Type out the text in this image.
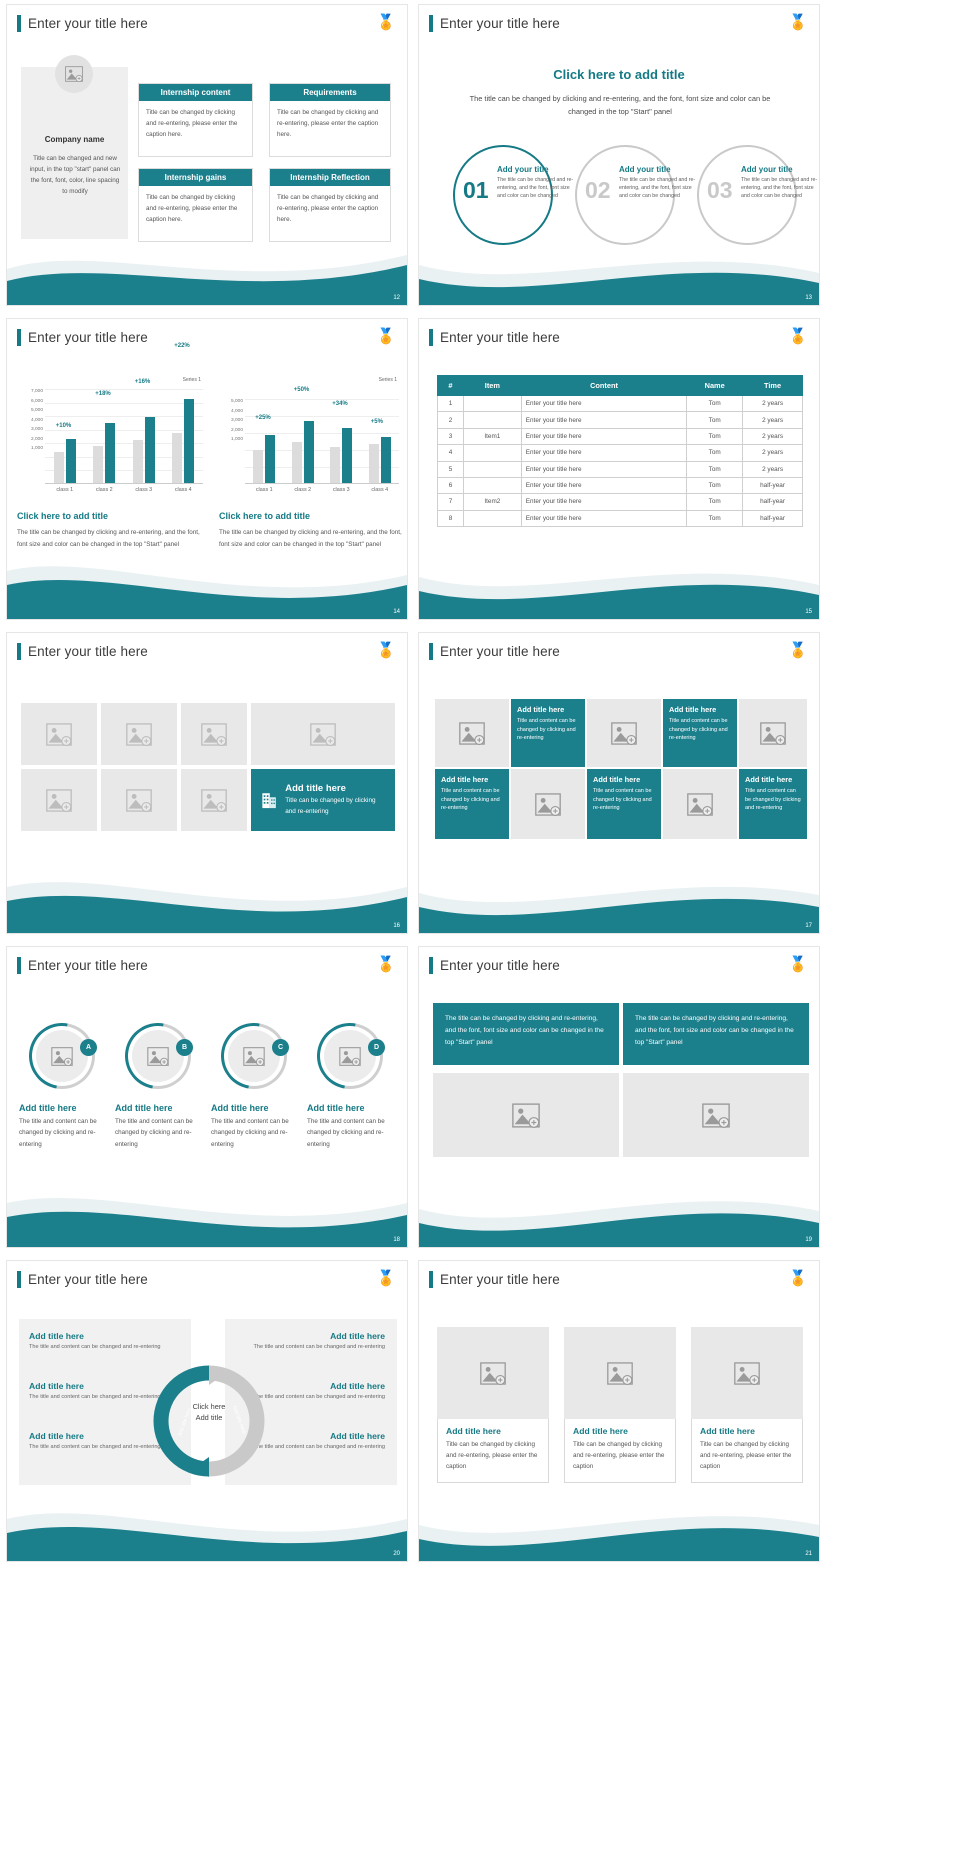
Enter your title here	🏅
Company name
Title can be changed and new input, in the top "start" panel can the font, font, color, line spacing to modify
Internship content
Title can be changed by clicking and re-entering, please enter the caption here.
Requirements
Title can be changed by clicking and re-entering, please enter the caption here.
Internship gains
Title can be changed by clicking and re-entering, please enter the caption here.
Internship Reflection
Title can be changed by clicking and re-entering, please enter the caption here.
12
Enter your title here	🏅
Click here to add title
The title can be changed by clicking and re-entering, and the font, font size and color can be changed in the top "Start" panel
01
Add your title
The title can be changed and re-entering, and the font, font size and color can be changed	02
Add your title
The title can be changed and re-entering, and the font, font size and color can be changed	03
Add your title
The title can be changed and re-entering, and the font, font size and color can be changed
13
Enter your title here	🏅
Series 1
7,000
6,000
5,000
4,000
3,000
2,000
1,000
+10%
+18%
+16%
+22%
class 1	class 2	class 3	class 4
Series 1
5,000
4,000
3,000
2,000
1,000
+25%
+50%
+34%
+5%
class 1	class 2	class 3	class 4
Click here to add title
The title can be changed by clicking and re-entering, and the font, font size and color can be changed in the top "Start" panel
Click here to add title
The title can be changed by clicking and re-entering, and the font, font size and color can be changed in the top "Start" panel
14
Enter your title here	🏅
#	Item	Content	Name	Time
1		Enter your title here	Tom	2 years
2		Enter your title here	Tom	2 years
3	Item1	Enter your title here	Tom	2 years
4		Enter your title here	Tom	2 years
5		Enter your title here	Tom	2 years
6		Enter your title here	Tom	half-year
7	Item2	Enter your title here	Tom	half-year
8		Enter your title here	Tom	half-year
15
Enter your title here	🏅
Add title here
Title can be changed by clicking and re-entering
16
Enter your title here	🏅
Add title here
Title and content can be changed by clicking and re-entering
Add title here
Title and content can be changed by clicking and re-entering
Add title here
Title and content can be changed by clicking and re-entering
Add title here
Title and content can be changed by clicking and re-entering
Add title here
Title and content can be changed by clicking and re-entering
17
Enter your title here	🏅
A
Add title here
The title and content can be changed by clicking and re-entering
B
Add title here
The title and content can be changed by clicking and re-entering
C
Add title here
The title and content can be changed by clicking and re-entering
D
Add title here
The title and content can be changed by clicking and re-entering
18
Enter your title here	🏅
The title can be changed by clicking and re-entering, and the font, font size and color can be changed in the top "Start" panel
The title can be changed by clicking and re-entering, and the font, font size and color can be changed in the top "Start" panel
19
Enter your title here	🏅
Add title here
The title and content can be changed and re-entering
Add title here
The title and content can be changed and re-entering
Add title here
The title and content can be changed and re-entering
Add title here
The title and content can be changed and re-entering
Add title here
The title and content can be changed and re-entering
Add title here
The title and content can be changed and re-entering
Click here
Add title
Add title here	Add title here
20
Enter your title here	🏅
Add title here
Title can be changed by clicking and re-entering, please enter the caption
Add title here
Title can be changed by clicking and re-entering, please enter the caption
Add title here
Title can be changed by clicking and re-entering, please enter the caption
21
